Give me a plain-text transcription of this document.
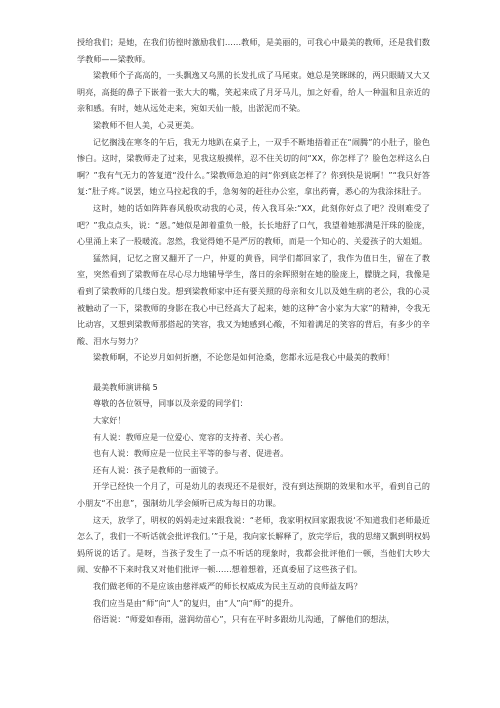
授给我们；是她，在我们彷徨时激励我们……教师，是美丽的，可我心中最美的教师，还是我们数学教师——梁教师。

梁教师个子高高的，一头飘逸又乌黑的长发扎成了马尾束。她总是笑眯眯的，两只眼睛又大又明亮，高挺的鼻子下嵌着一张大大的嘴，笑起来成了月牙马儿，加之好看，给人一种温和且亲近的亲和感。有时，她从远处走来，宛如天仙一般，出淤泥而不染。

梁教师不但人美，心灵更美。

记忆搁浅在寒冬的午后，我无力地趴在桌子上，一双手不断地捂着正在“闹腾”的小肚子，脸色惨白。这时，梁教师走了过来，见我这般摸样，忍不住关切的问“XX，你怎样了？脸色怎样这么白啊？”我有气无力的答复道“没什么。”梁教师急迫的问“你到底怎样了？你到快是说啊！”“我只好答复:“肚子疼。”说罢，她立马拉起我的手，急匆匆的赶往办公室，拿出药膏，悉心的为我涂抹肚子。

这时，她的话如阵阵春风般吹动我的心灵，传入我耳朵:“XX，此刻你好点了吧？没则难受了吧？”我点点头，说：“恩。”她似是卸着重负一般，长长地舒了口气，我望着她那满是汗珠的脸庞，心里涌上来了一股暖流。忽然，我觉得她不是严厉的教师，而是一个知心的、关爱孩子的大姐姐。

猛然间，记忆之窗又翻开了一户，仲夏的黄昏，同学们都回家了，我作为值日生，留在了教室，突然看到了梁教师在尽心尽力地辅导学生，落日的余晖照射在她的脸庞上，朦胧之间，我像是看到了梁教师的几缕白发。想到梁教师家中还有要关照的母亲和女儿以及她生病的老公，我的心灵被触动了一下，梁教师的身影在我心中已经高大了起来，她的这种“舍小家为大家”的精神，令我无比动容，又想到梁教师那搭起的笑容，我又为她感到心酸，不知着满足的笑容的背后，有多少的辛酸、泪水与努力？

梁教师啊，不论岁月如何折磨，不论您是如何沧桑，您都永远是我心中最美的教师！

最美教师演讲稿 5

尊敬的各位领导，同事以及亲爱的同学们：

大家好！

有人说：教师应是一位爱心、宽容的支持者、关心者。

也有人说：教师应是一位民主平等的参与者、促进者。

还有人说：孩子是教师的一面镜子。

开学已经快一个月了，可是幼儿的表现还不是很好，没有到达预期的效果和水平，看到自己的小朋友“不出息”，强制幼儿学会倾听已成为每日的功课。

这天，放学了，明权的妈妈走过来跟我说：“老师，我家明权回家跟我说‘不知道我们老师最近怎么了，我们一不听话就会批评我们。’”于是，我向家长解释了，放完学后，我的思绪又飘到明权妈妈所说的话了。是呀，当孩子发生了一点不听话的现象时，我都会批评他们一顿，当他们大吵大闹、安静不下来时我又对他们批评一顿……想着想着，还真委屈了这些孩子们。

我们做老师的不是应该由慈祥威严的师长权威成为民主互动的良师益友吗？

我们应当是由“师”向“人”的复归，由“人”向“师”的提升。

俗语说：“师爱如春雨，滋润幼苗心”，只有在平时多跟幼儿沟通，了解他们的想法，
